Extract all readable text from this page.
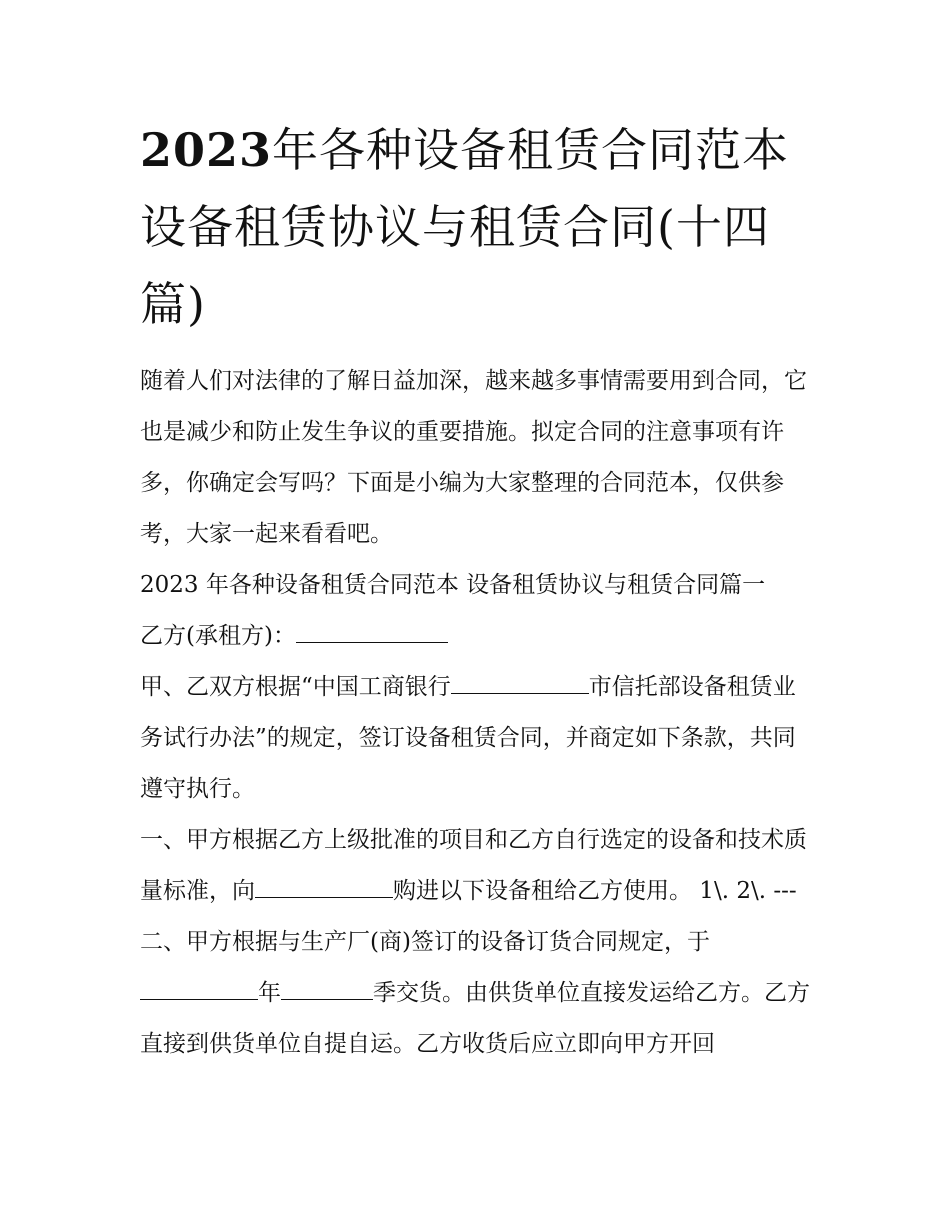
2023年各种设备租赁合同范本设备租赁协议与租赁合同(十四篇)

随着人们对法律的了解日益加深，越来越多事情需要用到合同，它也是减少和防止发生争议的重要措施。拟定合同的注意事项有许多，你确定会写吗？下面是小编为大家整理的合同范本，仅供参考，大家一起来看看吧。

2023 年各种设备租赁合同范本 设备租赁协议与租赁合同篇一

乙方(承租方)：

甲、乙双方根据“中国工商银行	市信托部设备租赁业务试行办法”的规定，签订设备租赁合同，并商定如下条款，共同遵守执行。

一、甲方根据乙方上级批准的项目和乙方自行选定的设备和技术质量标准，向	购进以下设备租给乙方使用。 1\. 2\. ---

二、甲方根据与生产厂(商)签订的设备订货合同规定，于年	季交货。由供货单位直接发运给乙方。乙方直接到供货单位自提自运。乙方收货后应立即向甲方开回
